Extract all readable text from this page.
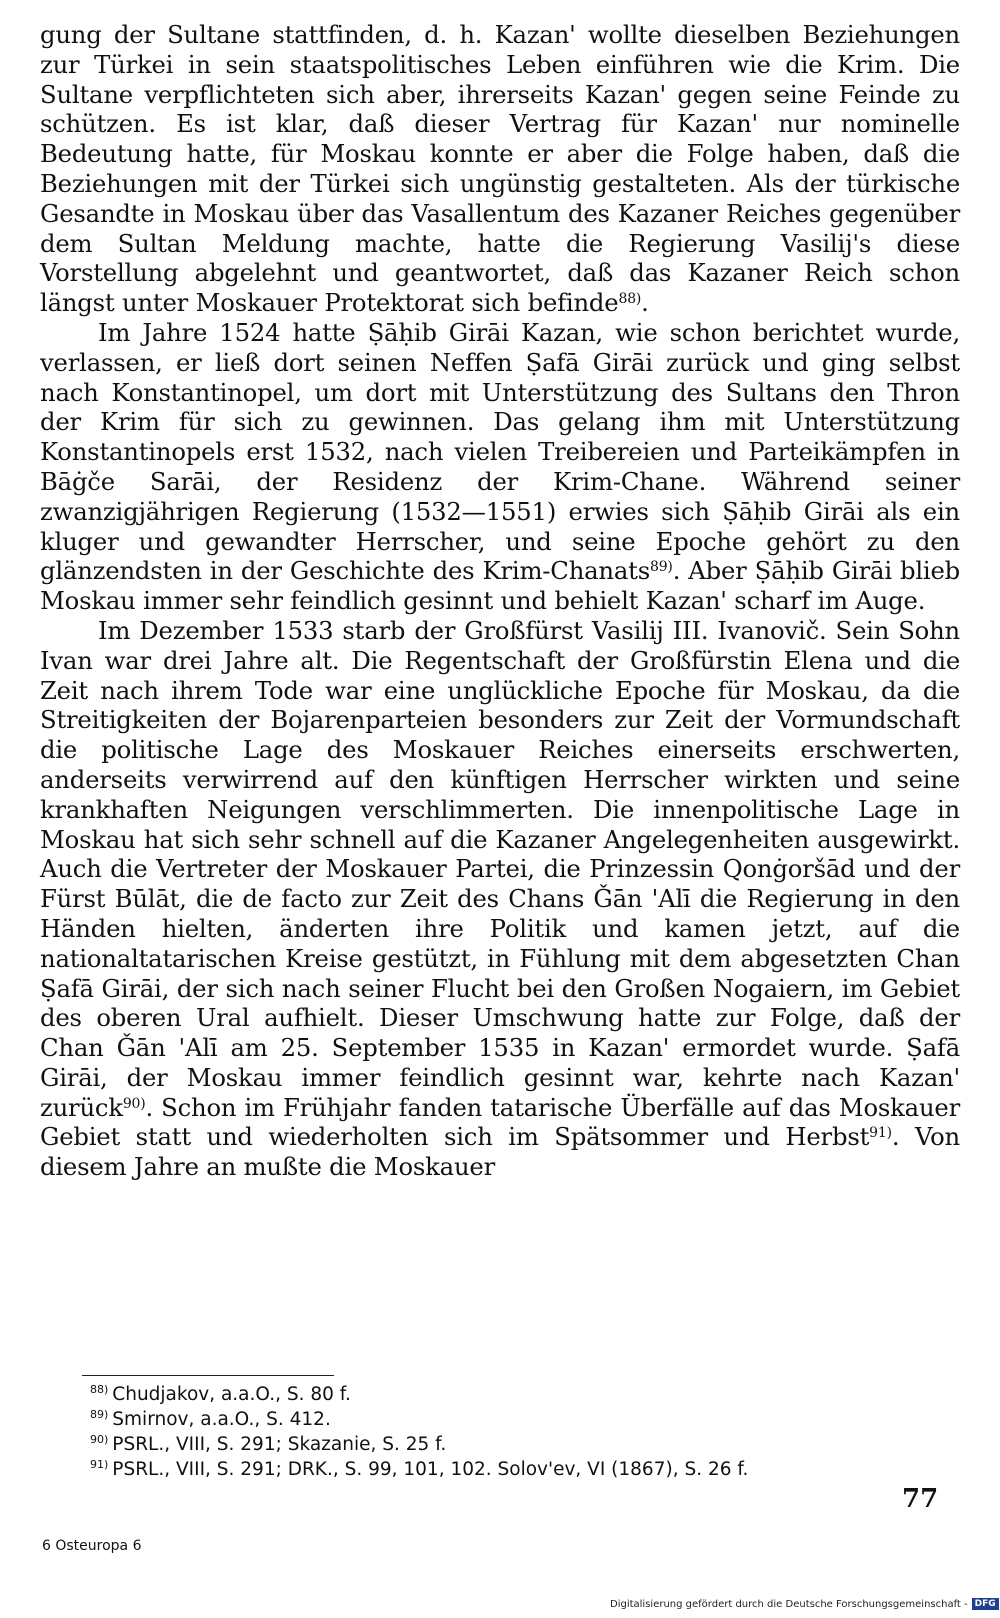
gung der Sultane stattfinden, d. h. Kazan' wollte dieselben Beziehungen zur Türkei in sein staatspolitisches Leben einführen wie die Krim. Die Sultane verpflichteten sich aber, ihrerseits Kazan' gegen seine Feinde zu schützen. Es ist klar, daß dieser Vertrag für Kazan' nur nominelle Bedeutung hatte, für Moskau konnte er aber die Folge haben, daß die Beziehungen mit der Türkei sich ungünstig gestalteten. Als der türkische Gesandte in Moskau über das Vasallentum des Kazaner Reiches gegenüber dem Sultan Meldung machte, hatte die Regierung Vasilij's diese Vorstellung abgelehnt und geantwortet, daß das Kazaner Reich schon längst unter Moskauer Protektorat sich befinde$^{88)}$.

Im Jahre 1524 hatte Ṣāḥib Girāi Kazan, wie schon berichtet wurde, verlassen, er ließ dort seinen Neffen Ṣafā Girāi zurück und ging selbst nach Konstantinopel, um dort mit Unterstützung des Sultans den Thron der Krim für sich zu gewinnen. Das gelang ihm mit Unterstützung Konstantinopels erst 1532, nach vielen Treibereien und Parteikämpfen in Bāġče Sarāi, der Residenz der Krim-Chane. Während seiner zwanzigjährigen Regierung (1532—1551) erwies sich Ṣāḥib Girāi als ein kluger und gewandter Herrscher, und seine Epoche gehört zu den glänzendsten in der Geschichte des Krim-Chanats$^{89)}$. Aber Ṣāḥib Girāi blieb Moskau immer sehr feindlich gesinnt und behielt Kazan' scharf im Auge.

Im Dezember 1533 starb der Großfürst Vasilij III. Ivanovič. Sein Sohn Ivan war drei Jahre alt. Die Regentschaft der Großfürstin Elena und die Zeit nach ihrem Tode war eine unglückliche Epoche für Moskau, da die Streitigkeiten der Bojarenparteien besonders zur Zeit der Vormundschaft die politische Lage des Moskauer Reiches einerseits erschwerten, anderseits verwirrend auf den künftigen Herrscher wirkten und seine krankhaften Neigungen verschlimmerten. Die innenpolitische Lage in Moskau hat sich sehr schnell auf die Kazaner Angelegenheiten ausgewirkt. Auch die Vertreter der Moskauer Partei, die Prinzessin Qonġoršād und der Fürst Būlāt, die de facto zur Zeit des Chans Ǧān 'Alī die Regierung in den Händen hielten, änderten ihre Politik und kamen jetzt, auf die nationaltatarischen Kreise gestützt, in Fühlung mit dem abgesetzten Chan Ṣafā Girāi, der sich nach seiner Flucht bei den Großen Nogaiern, im Gebiet des oberen Ural aufhielt. Dieser Umschwung hatte zur Folge, daß der Chan Ǧān 'Alī am 25. September 1535 in Kazan' ermordet wurde. Ṣafā Girāi, der Moskau immer feindlich gesinnt war, kehrte nach Kazan' zurück$^{90)}$. Schon im Frühjahr fanden tatarische Überfälle auf das Moskauer Gebiet statt und wiederholten sich im Spätsommer und Herbst$^{91)}$. Von diesem Jahre an mußte die Moskauer

$^{88)}$ Chudjakov, a.a.O., S. 80 f.
$^{89)}$ Smirnov, a.a.O., S. 412.
$^{90)}$ PSRL., VIII, S. 291; Skazanie, S. 25 f.
$^{91)}$ PSRL., VIII, S. 291; DRK., S. 99, 101, 102. Solov'ev, VI (1867), S. 26 f.
77
6 Osteuropa 6
Digitalisierung gefördert durch die Deutsche Forschungsgemeinschaft - DFG
